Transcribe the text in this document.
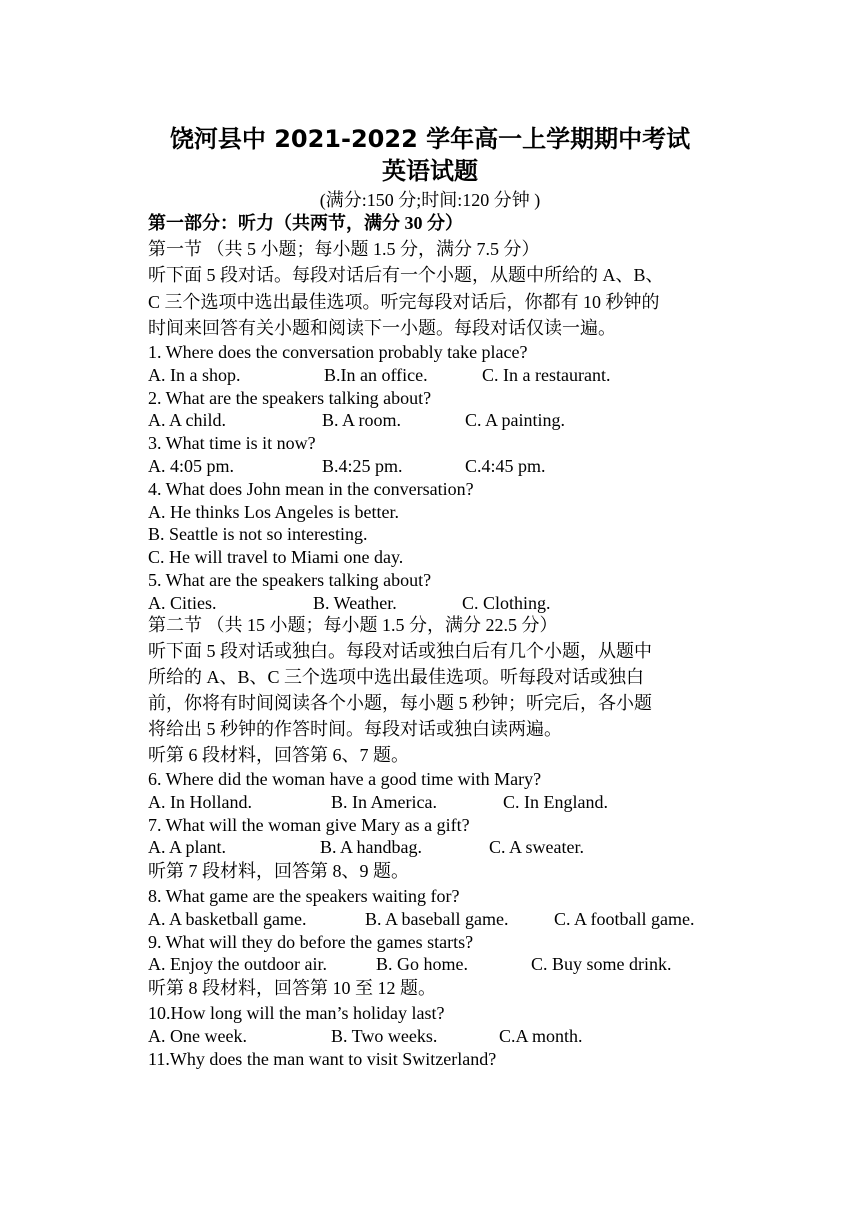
饶河县中 2021-2022 学年高一上学期期中考试
英语试题
(满分:150 分;时间:120 分钟 )
第一部分：听力（共两节，满分 30 分）
第一节 （共 5 小题；每小题 1.5 分，满分 7.5 分）
听下面 5 段对话。每段对话后有一个小题，从题中所给的 A、B、
C 三个选项中选出最佳选项。听完每段对话后，你都有 10 秒钟的
时间来回答有关小题和阅读下一小题。每段对话仅读一遍。
1. Where does the conversation probably take place?
A. In a shop.	B.In an office.	C. In a restaurant.
2. What are the speakers talking about?
A. A child.	B. A room.	C. A painting.
3. What time is it now?
A. 4:05 pm.	B.4:25 pm.	C.4:45 pm.
4. What does John mean in the conversation?
A. He thinks Los Angeles is better.
B. Seattle is not so interesting.
C. He will travel to Miami one day.
5. What are the speakers talking about?
A. Cities.	B. Weather.	C. Clothing.
第二节 （共 15 小题；每小题 1.5 分，满分 22.5 分）
听下面 5 段对话或独白。每段对话或独白后有几个小题，从题中
所给的 A、B、C 三个选项中选出最佳选项。听每段对话或独白
前，你将有时间阅读各个小题，每小题 5 秒钟；听完后，各小题
将给出 5 秒钟的作答时间。每段对话或独白读两遍。
听第 6 段材料，回答第 6、7 题。
6. Where did the woman have a good time with Mary?
A. In Holland.	B. In America.	C. In England.
7. What will the woman give Mary as a gift?
A. A plant.	B. A handbag.	C. A sweater.
听第 7 段材料，回答第 8、9 题。
8. What game are the speakers waiting for?
A. A basketball game.	B. A baseball game.	C. A football game.
9. What will they do before the games starts?
A. Enjoy the outdoor air.	B. Go home.	C. Buy some drink.
听第 8 段材料，回答第 10 至 12 题。
10.How long will the man’s holiday last?
A. One week.	B. Two weeks.	C.A month.
11.Why does the man want to visit Switzerland?
